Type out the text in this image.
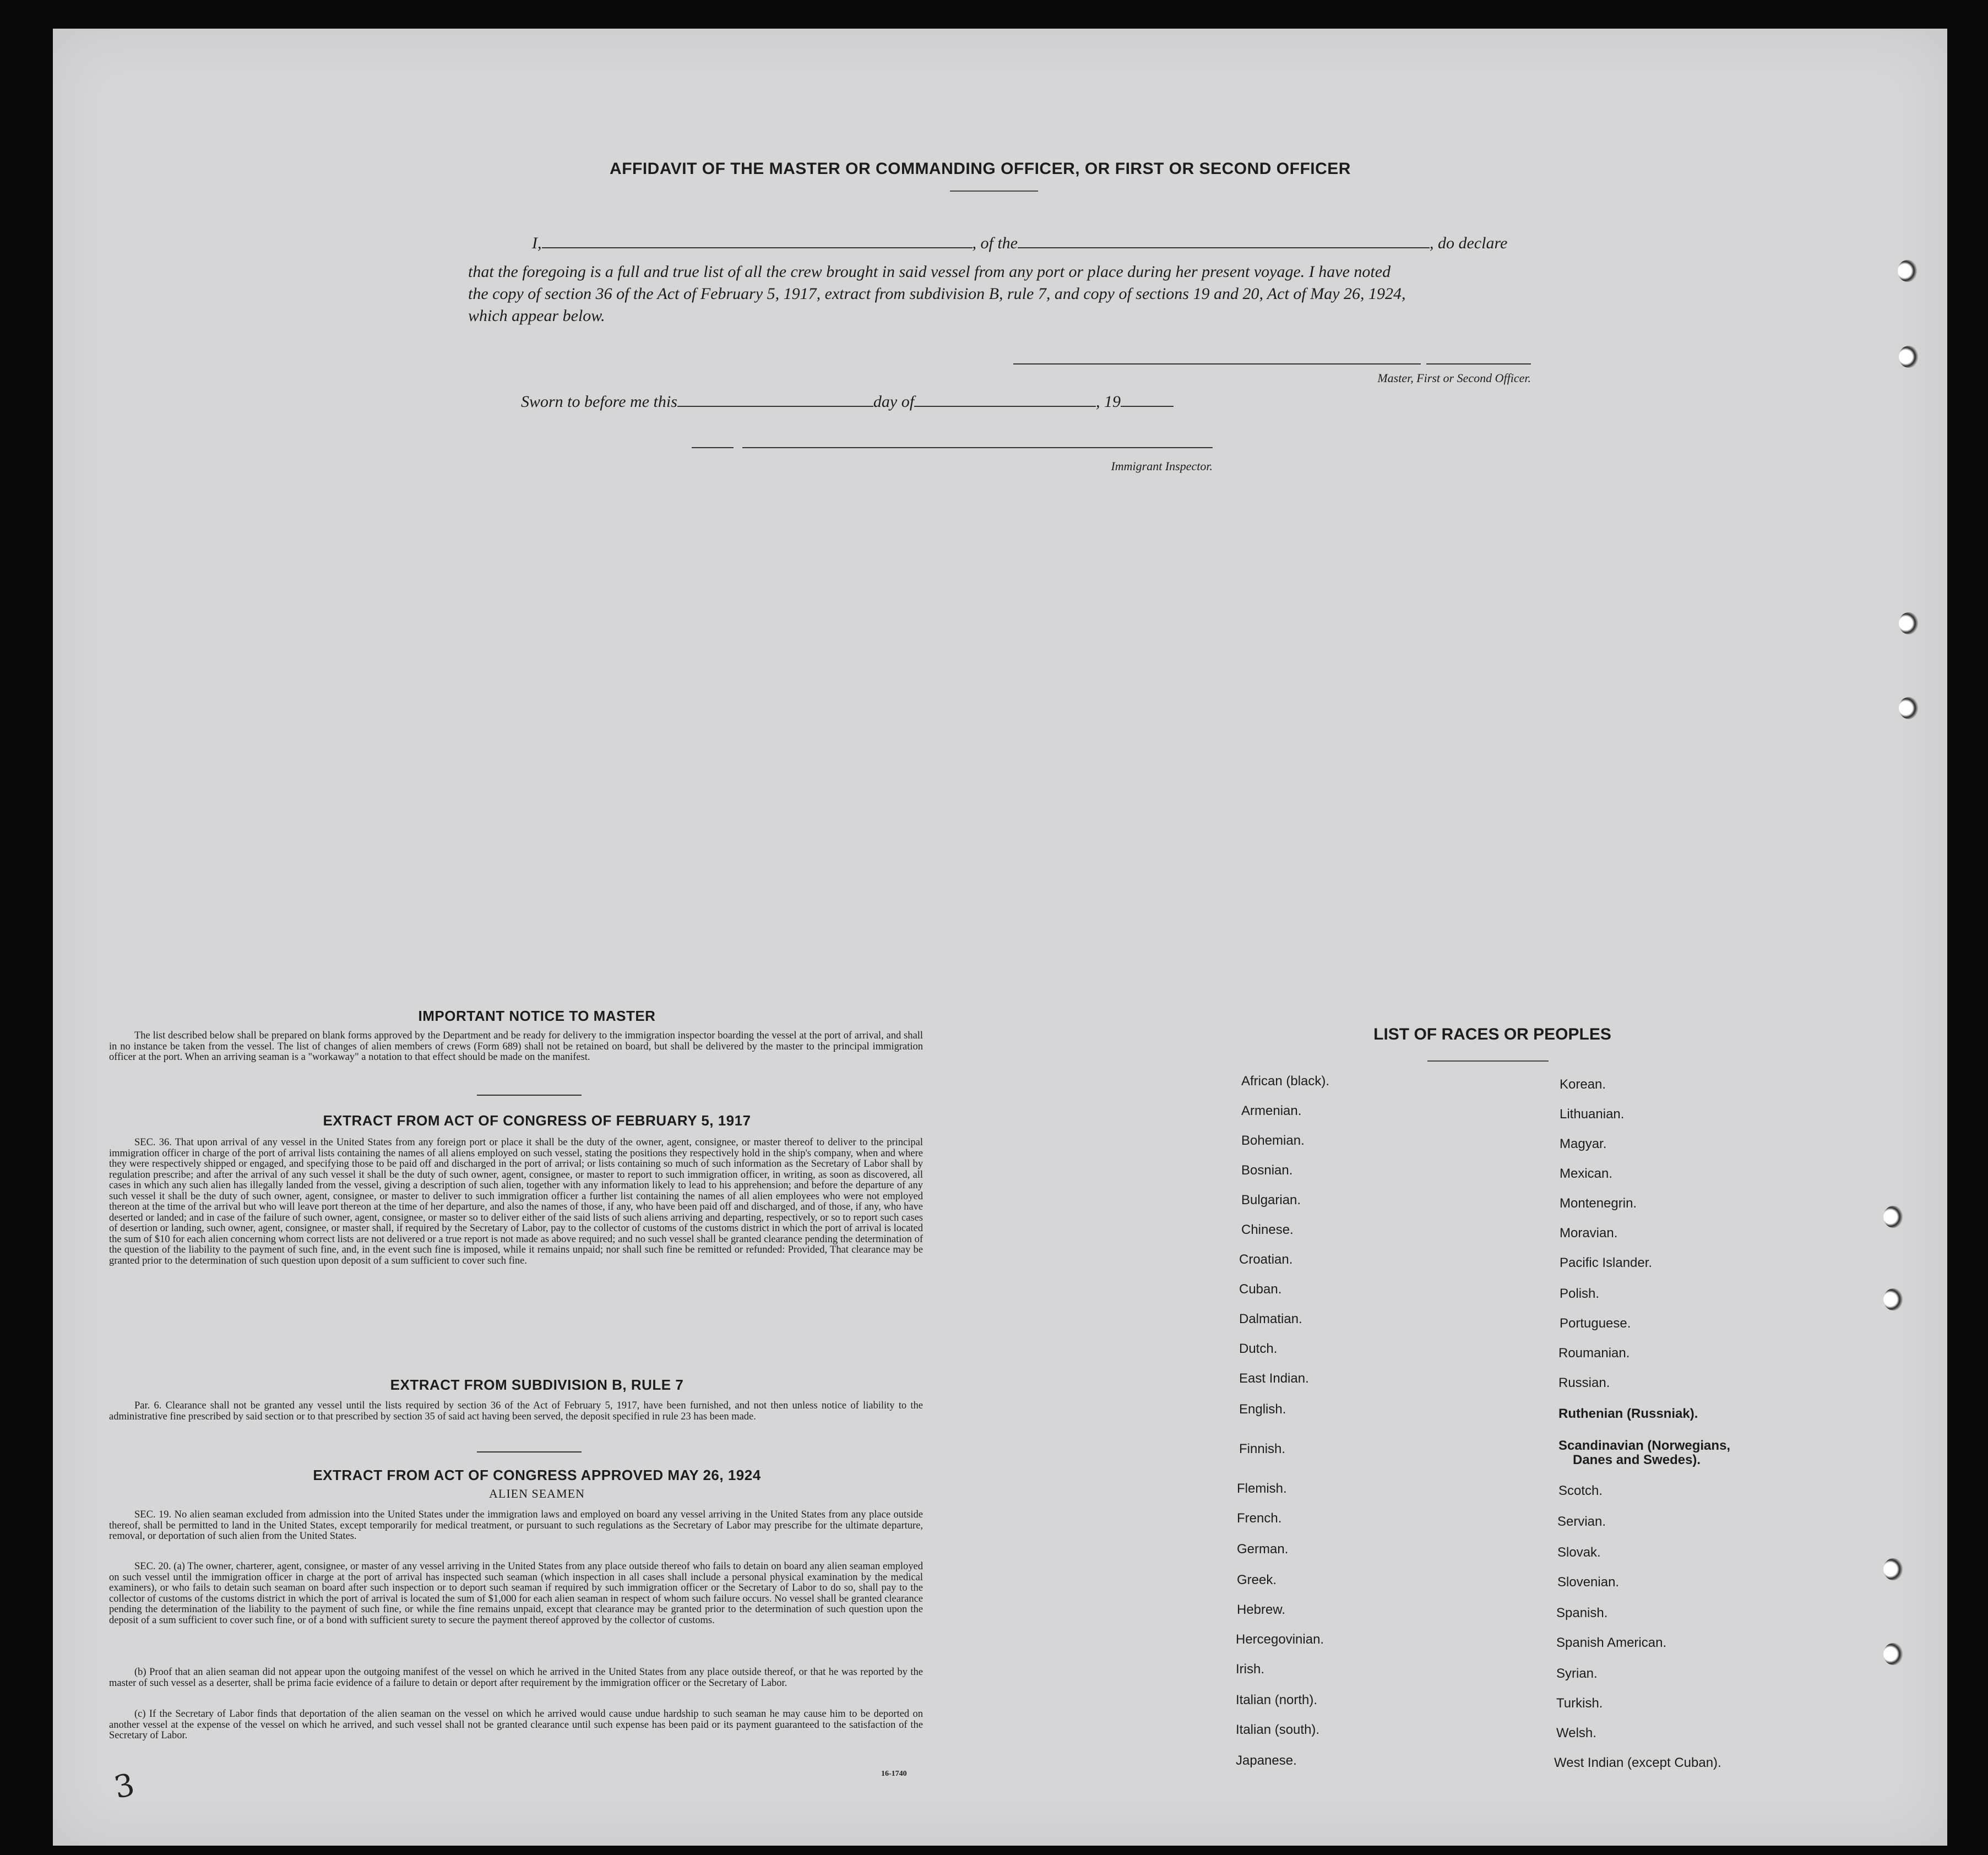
AFFIDAVIT OF THE MASTER OR COMMANDING OFFICER, OR FIRST OR SECOND OFFICER
I,	, of the	, do declare
that the foregoing is a full and true list of all the crew brought in said vessel from any port or place during her present voyage. I have noted
the copy of section 36 of the Act of February 5, 1917, extract from subdivision B, rule 7, and copy of sections 19 and 20, Act of May 26, 1924,
which appear below.
Master, First or Second Officer.
Sworn to before me this	day of	, 19
Immigrant Inspector.
IMPORTANT NOTICE TO MASTER
The list described below shall be prepared on blank forms approved by the Department and be ready for delivery to the immigration inspector boarding the vessel at the port of arrival, and shall in no instance be taken from the vessel. The list of changes of alien members of crews (Form 689) shall not be retained on board, but shall be delivered by the master to the principal immigration officer at the port. When an arriving seaman is a "workaway" a notation to that effect should be made on the manifest.
EXTRACT FROM ACT OF CONGRESS OF FEBRUARY 5, 1917
SEC. 36. That upon arrival of any vessel in the United States from any foreign port or place it shall be the duty of the owner, agent, consignee, or master thereof to deliver to the principal immigration officer in charge of the port of arrival lists containing the names of all aliens employed on such vessel, stating the positions they respectively hold in the ship's company, when and where they were respectively shipped or engaged, and specifying those to be paid off and discharged in the port of arrival; or lists containing so much of such information as the Secretary of Labor shall by regulation prescribe; and after the arrival of any such vessel it shall be the duty of such owner, agent, consignee, or master to report to such immigration officer, in writing, as soon as discovered, all cases in which any such alien has illegally landed from the vessel, giving a description of such alien, together with any information likely to lead to his apprehension; and before the departure of any such vessel it shall be the duty of such owner, agent, consignee, or master to deliver to such immigration officer a further list containing the names of all alien employees who were not employed thereon at the time of the arrival but who will leave port thereon at the time of her departure, and also the names of those, if any, who have been paid off and discharged, and of those, if any, who have deserted or landed; and in case of the failure of such owner, agent, consignee, or master so to deliver either of the said lists of such aliens arriving and departing, respectively, or so to report such cases of desertion or landing, such owner, agent, consignee, or master shall, if required by the Secretary of Labor, pay to the collector of customs of the customs district in which the port of arrival is located the sum of $10 for each alien concerning whom correct lists are not delivered or a true report is not made as above required; and no such vessel shall be granted clearance pending the determination of the question of the liability to the payment of such fine, and, in the event such fine is imposed, while it remains unpaid; nor shall such fine be remitted or refunded: Provided, That clearance may be granted prior to the determination of such question upon deposit of a sum sufficient to cover such fine.
EXTRACT FROM SUBDIVISION B, RULE 7
Par. 6. Clearance shall not be granted any vessel until the lists required by section 36 of the Act of February 5, 1917, have been furnished, and not then unless notice of liability to the administrative fine prescribed by said section or to that prescribed by section 35 of said act having been served, the deposit specified in rule 23 has been made.
EXTRACT FROM ACT OF CONGRESS APPROVED MAY 26, 1924
ALIEN SEAMEN
SEC. 19. No alien seaman excluded from admission into the United States under the immigration laws and employed on board any vessel arriving in the United States from any place outside thereof, shall be permitted to land in the United States, except temporarily for medical treatment, or pursuant to such regulations as the Secretary of Labor may prescribe for the ultimate departure, removal, or deportation of such alien from the United States.
SEC. 20. (a) The owner, charterer, agent, consignee, or master of any vessel arriving in the United States from any place outside thereof who fails to detain on board any alien seaman employed on such vessel until the immigration officer in charge at the port of arrival has inspected such seaman (which inspection in all cases shall include a personal physical examination by the medical examiners), or who fails to detain such seaman on board after such inspection or to deport such seaman if required by such immigration officer or the Secretary of Labor to do so, shall pay to the collector of customs of the customs district in which the port of arrival is located the sum of $1,000 for each alien seaman in respect of whom such failure occurs. No vessel shall be granted clearance pending the determination of the liability to the payment of such fine, or while the fine remains unpaid, except that clearance may be granted prior to the determination of such question upon the deposit of a sum sufficient to cover such fine, or of a bond with sufficient surety to secure the payment thereof approved by the collector of customs.
(b) Proof that an alien seaman did not appear upon the outgoing manifest of the vessel on which he arrived in the United States from any place outside thereof, or that he was reported by the master of such vessel as a deserter, shall be prima facie evidence of a failure to detain or deport after requirement by the immigration officer or the Secretary of Labor.
(c) If the Secretary of Labor finds that deportation of the alien seaman on the vessel on which he arrived would cause undue hardship to such seaman he may cause him to be deported on another vessel at the expense of the vessel on which he arrived, and such vessel shall not be granted clearance until such expense has been paid or its payment guaranteed to the satisfaction of the Secretary of Labor.
16-1740
3
LIST OF RACES OR PEOPLES
African (black).
Armenian.
Bohemian.
Bosnian.
Bulgarian.
Chinese.
Croatian.
Cuban.
Dalmatian.
Dutch.
East Indian.
English.
Finnish.
Flemish.
French.
German.
Greek.
Hebrew.
Hercegovinian.
Irish.
Italian (north).
Italian (south).
Japanese.
Korean.
Lithuanian.
Magyar.
Mexican.
Montenegrin.
Moravian.
Pacific Islander.
Polish.
Portuguese.
Roumanian.
Russian.
Ruthenian (Russniak).
Scandinavian (Norwegians,
Danes and Swedes).
Scotch.
Servian.
Slovak.
Slovenian.
Spanish.
Spanish American.
Syrian.
Turkish.
Welsh.
West Indian (except Cuban).
